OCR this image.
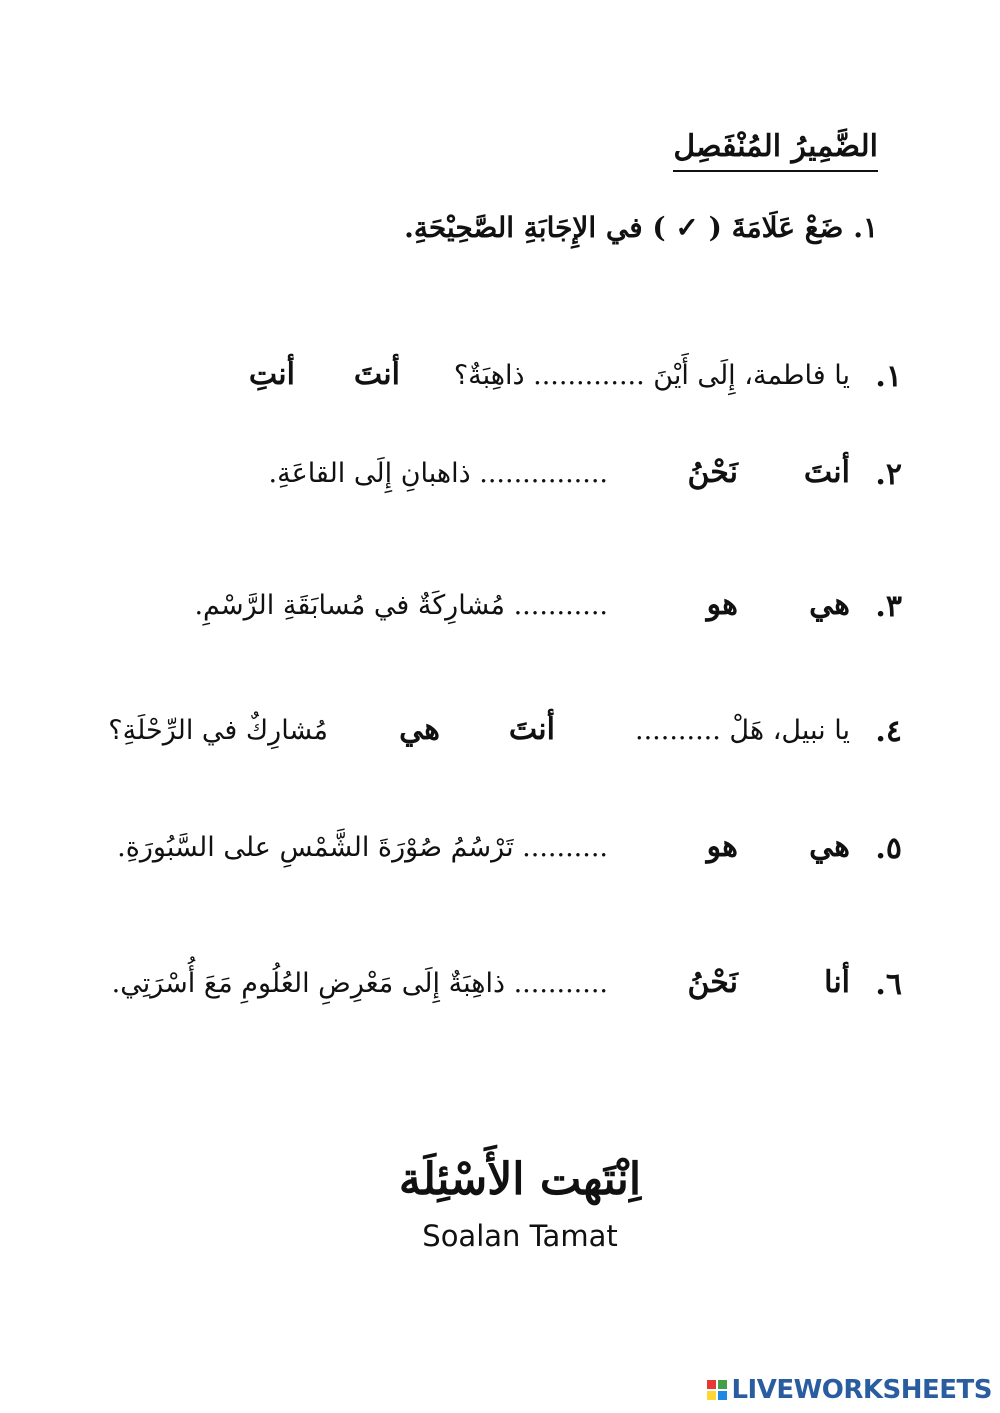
الضَّمِيرُ المُنْفَصِل
١. ضَعْ عَلَامَةَ ( ✓ ) في الإِجَابَةِ الصَّحِيْحَةِ.
١.
يا فاطمة، إِلَى أَيْنَ ............. ذاهِبَةٌ؟
أنتَ
أنتِ
٢.
أنتَ
نَحْنُ
............... ذاهبانِ إِلَى القاعَةِ.
٣.
هي
هو
........... مُشارِكَةٌ في مُسابَقَةِ الرَّسْمِ.
٤.
يا نبيل، هَلْ ..........
أنتَ
هي
مُشارِكٌ في الرِّحْلَةِ؟
٥.
هي
هو
.......... تَرْسُمُ صُوْرَةَ الشَّمْسِ على السَّبُورَةِ.
٦.
أنا
نَحْنُ
........... ذاهِبَةٌ إِلَى مَعْرِضِ العُلُومِ مَعَ أُسْرَتِي.
اِنْتَهت الأَسْئِلَة
Soalan Tamat
LIVEWORKSHEETS
